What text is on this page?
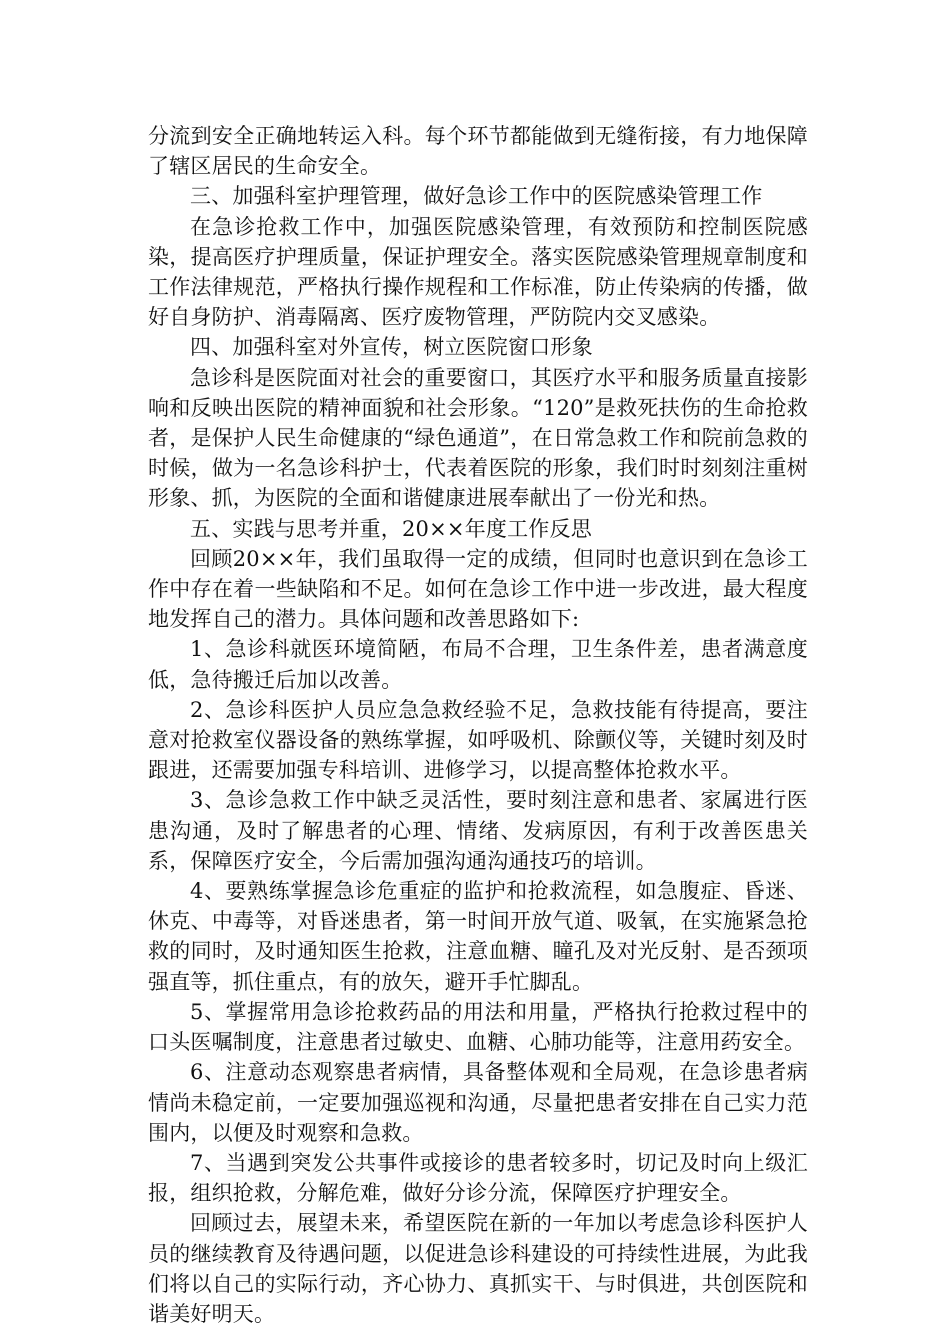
分流到安全正确地转运入科。每个环节都能做到无缝衔接，有力地保障了辖区居民的生命安全。

三、加强科室护理管理，做好急诊工作中的医院感染管理工作

在急诊抢救工作中，加强医院感染管理，有效预防和控制医院感染，提高医疗护理质量，保证护理安全。落实医院感染管理规章制度和工作法律规范，严格执行操作规程和工作标准，防止传染病的传播，做好自身防护、消毒隔离、医疗废物管理，严防院内交叉感染。

四、加强科室对外宣传，树立医院窗口形象

急诊科是医院面对社会的重要窗口，其医疗水平和服务质量直接影响和反映出医院的精神面貌和社会形象。“120”是救死扶伤的生命抢救者，是保护人民生命健康的“绿色通道”，在日常急救工作和院前急救的时候，做为一名急诊科护士，代表着医院的形象，我们时时刻刻注重树形象、抓，为医院的全面和谐健康进展奉献出了一份光和热。

五、实践与思考并重，20××年度工作反思

回顾20××年，我们虽取得一定的成绩，但同时也意识到在急诊工作中存在着一些缺陷和不足。如何在急诊工作中进一步改进，最大程度地发挥自己的潜力。具体问题和改善思路如下:

1、急诊科就医环境简陋，布局不合理，卫生条件差，患者满意度低，急待搬迁后加以改善。

2、急诊科医护人员应急急救经验不足，急救技能有待提高，要注意对抢救室仪器设备的熟练掌握，如呼吸机、除颤仪等，关键时刻及时跟进，还需要加强专科培训、进修学习，以提高整体抢救水平。

3、急诊急救工作中缺乏灵活性，要时刻注意和患者、家属进行医患沟通，及时了解患者的心理、情绪、发病原因，有利于改善医患关系，保障医疗安全，今后需加强沟通沟通技巧的培训。

4、要熟练掌握急诊危重症的监护和抢救流程，如急腹症、昏迷、休克、中毒等，对昏迷患者，第一时间开放气道、吸氧，在实施紧急抢救的同时，及时通知医生抢救，注意血糖、瞳孔及对光反射、是否颈项强直等，抓住重点，有的放矢，避开手忙脚乱。

5、掌握常用急诊抢救药品的用法和用量，严格执行抢救过程中的口头医嘱制度，注意患者过敏史、血糖、心肺功能等，注意用药安全。

6、注意动态观察患者病情，具备整体观和全局观，在急诊患者病情尚未稳定前，一定要加强巡视和沟通，尽量把患者安排在自己实力范围内，以便及时观察和急救。

7、当遇到突发公共事件或接诊的患者较多时，切记及时向上级汇报，组织抢救，分解危难，做好分诊分流，保障医疗护理安全。

回顾过去，展望未来，希望医院在新的一年加以考虑急诊科医护人员的继续教育及待遇问题，以促进急诊科建设的可持续性进展，为此我们将以自己的实际行动，齐心协力、真抓实干、与时俱进，共创医院和谐美好明天。
